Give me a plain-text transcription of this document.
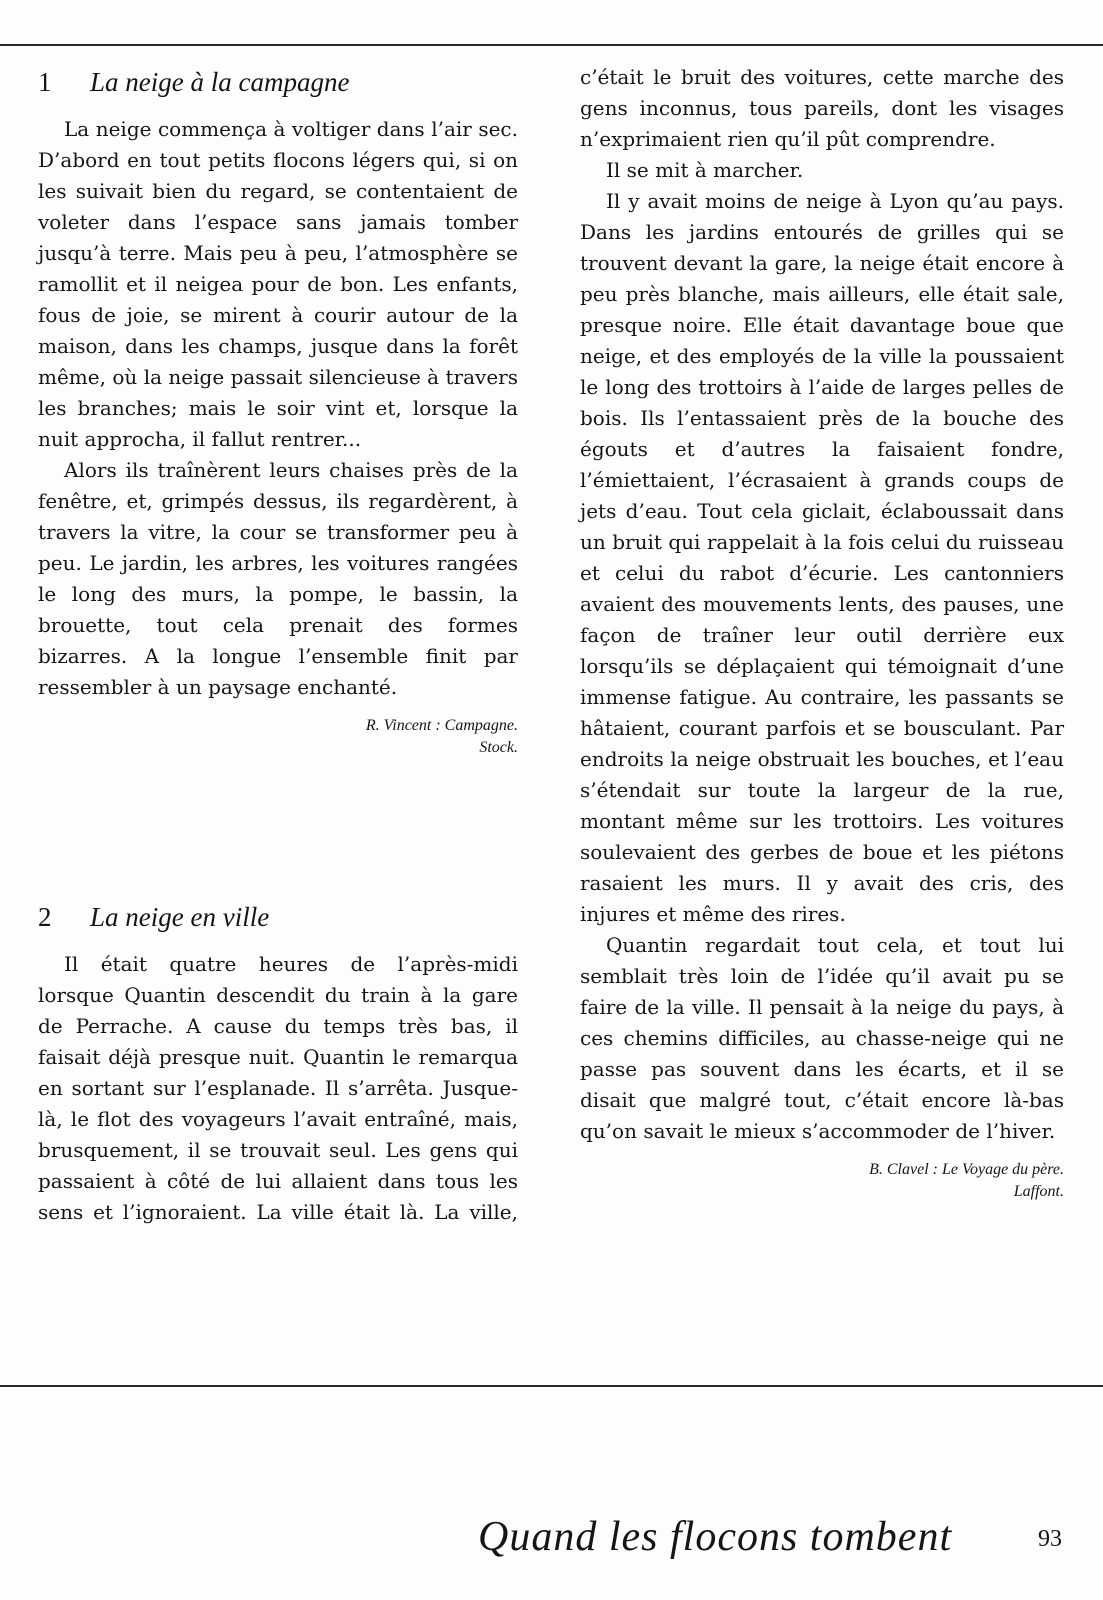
1 La neige à la campagne

La neige commença à voltiger dans l’air sec. D’abord en tout petits flocons légers qui, si on les suivait bien du regard, se contentaient de voleter dans l’espace sans jamais tomber jusqu’à terre. Mais peu à peu, l’atmosphère se ramollit et il neigea pour de bon. Les enfants, fous de joie, se mirent à courir autour de la maison, dans les champs, jusque dans la forêt même, où la neige passait silencieuse à travers les branches; mais le soir vint et, lorsque la nuit approcha, il fallut rentrer...

Alors ils traînèrent leurs chaises près de la fenêtre, et, grimpés dessus, ils regardèrent, à travers la vitre, la cour se transformer peu à peu. Le jardin, les arbres, les voitures rangées le long des murs, la pompe, le bassin, la brouette, tout cela prenait des formes bizarres. A la longue l’ensemble finit par ressembler à un paysage enchanté.

R. Vincent : Campagne.
Stock.
2 La neige en ville

Il était quatre heures de l’après-midi lorsque Quantin descendit du train à la gare de Perrache. A cause du temps très bas, il faisait déjà presque nuit. Quantin le remarqua en sortant sur l’esplanade. Il s’arrêta. Jusque-là, le flot des voyageurs l’avait entraîné, mais, brusquement, il se trouvait seul. Les gens qui passaient à côté de lui allaient dans tous les sens et l’ignoraient. La ville était là. La ville,

c’était le bruit des voitures, cette marche des gens inconnus, tous pareils, dont les visages n’exprimaient rien qu’il pût comprendre.

Il se mit à marcher.

Il y avait moins de neige à Lyon qu’au pays. Dans les jardins entourés de grilles qui se trouvent devant la gare, la neige était encore à peu près blanche, mais ailleurs, elle était sale, presque noire. Elle était davantage boue que neige, et des employés de la ville la poussaient le long des trottoirs à l’aide de larges pelles de bois. Ils l’entassaient près de la bouche des égouts et d’autres la faisaient fondre, l’émiettaient, l’écrasaient à grands coups de jets d’eau. Tout cela giclait, éclaboussait dans un bruit qui rappelait à la fois celui du ruisseau et celui du rabot d’écurie. Les cantonniers avaient des mouvements lents, des pauses, une façon de traîner leur outil derrière eux lorsqu’ils se déplaçaient qui témoignait d’une immense fatigue. Au contraire, les passants se hâtaient, courant parfois et se bousculant. Par endroits la neige obstruait les bouches, et l’eau s’étendait sur toute la largeur de la rue, montant même sur les trottoirs. Les voitures soulevaient des gerbes de boue et les piétons rasaient les murs. Il y avait des cris, des injures et même des rires.

Quantin regardait tout cela, et tout lui semblait très loin de l’idée qu’il avait pu se faire de la ville. Il pensait à la neige du pays, à ces chemins difficiles, au chasse-neige qui ne passe pas souvent dans les écarts, et il se disait que malgré tout, c’était encore là-bas qu’on savait le mieux s’accommoder de l’hiver.

B. Clavel : Le Voyage du père.
Laffont.
Quand les flocons tombent	93
